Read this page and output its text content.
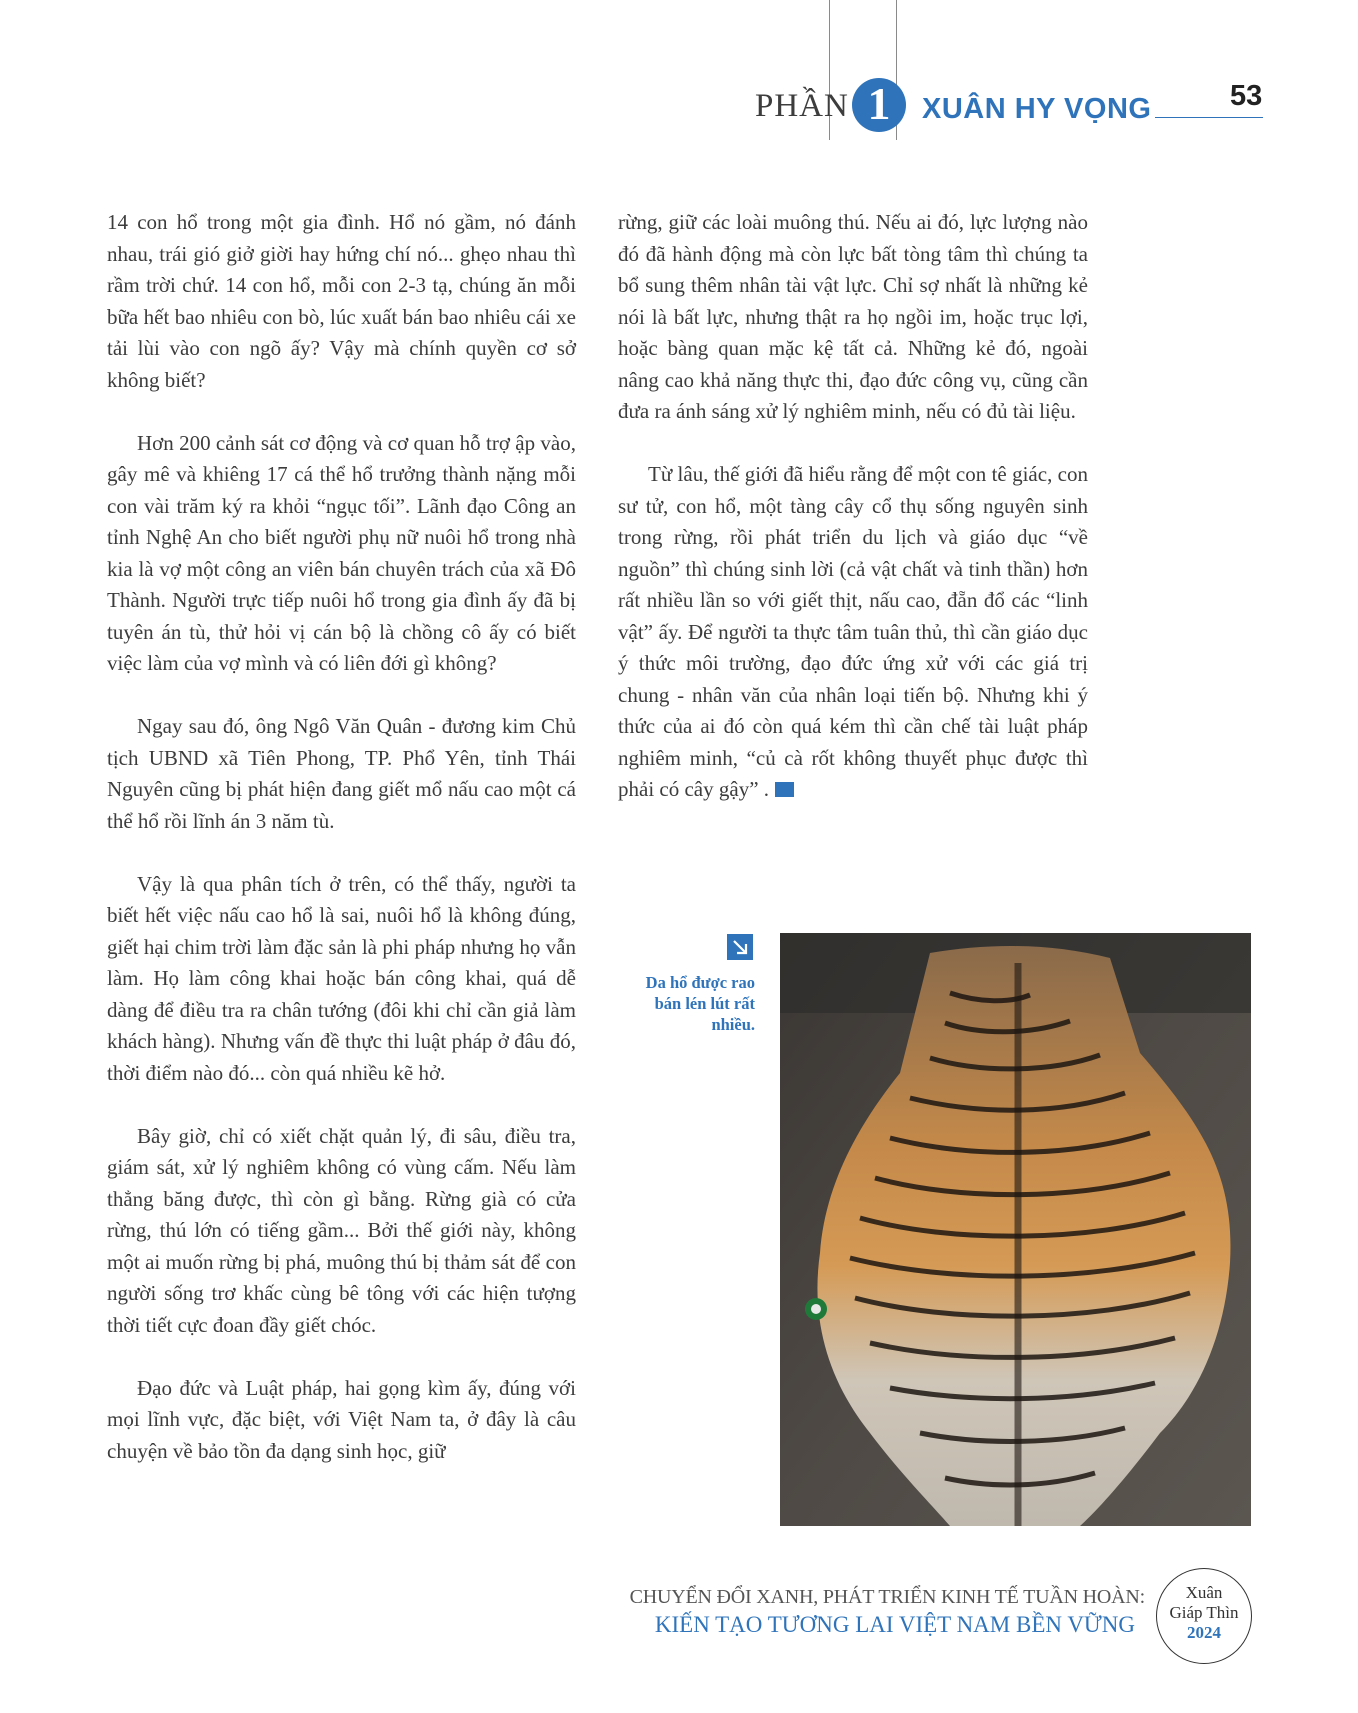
PHẦN 1	XUÂN HY VỌNG	53

14 con hổ trong một gia đình. Hổ nó gầm, nó đánh nhau, trái gió giở giời hay hứng chí nó... ghẹo nhau thì rầm trời chứ. 14 con hổ, mỗi con 2-3 tạ, chúng ăn mỗi bữa hết bao nhiêu con bò, lúc xuất bán bao nhiêu cái xe tải lùi vào con ngõ ấy? Vậy mà chính quyền cơ sở không biết?

Hơn 200 cảnh sát cơ động và cơ quan hỗ trợ ập vào, gây mê và khiêng 17 cá thể hổ trưởng thành nặng mỗi con vài trăm ký ra khỏi “ngục tối”. Lãnh đạo Công an tỉnh Nghệ An cho biết người phụ nữ nuôi hổ trong nhà kia là vợ một công an viên bán chuyên trách của xã Đô Thành. Người trực tiếp nuôi hổ trong gia đình ấy đã bị tuyên án tù, thử hỏi vị cán bộ là chồng cô ấy có biết việc làm của vợ mình và có liên đới gì không?

Ngay sau đó, ông Ngô Văn Quân - đương kim Chủ tịch UBND xã Tiên Phong, TP. Phổ Yên, tỉnh Thái Nguyên cũng bị phát hiện đang giết mổ nấu cao một cá thể hổ rồi lĩnh án 3 năm tù.

Vậy là qua phân tích ở trên, có thể thấy, người ta biết hết việc nấu cao hổ là sai, nuôi hổ là không đúng, giết hại chim trời làm đặc sản là phi pháp nhưng họ vẫn làm. Họ làm công khai hoặc bán công khai, quá dễ dàng để điều tra ra chân tướng (đôi khi chỉ cần giả làm khách hàng). Nhưng vấn đề thực thi luật pháp ở đâu đó, thời điểm nào đó... còn quá nhiều kẽ hở.

Bây giờ, chỉ có xiết chặt quản lý, đi sâu, điều tra, giám sát, xử lý nghiêm không có vùng cấm. Nếu làm thẳng băng được, thì còn gì bằng. Rừng già có cửa rừng, thú lớn có tiếng gầm... Bởi thế giới này, không một ai muốn rừng bị phá, muông thú bị thảm sát để con người sống trơ khấc cùng bê tông với các hiện tượng thời tiết cực đoan đầy giết chóc.

Đạo đức và Luật pháp, hai gọng kìm ấy, đúng với mọi lĩnh vực, đặc biệt, với Việt Nam ta, ở đây là câu chuyện về bảo tồn đa dạng sinh học, giữ

rừng, giữ các loài muông thú. Nếu ai đó, lực lượng nào đó đã hành động mà còn lực bất tòng tâm thì chúng ta bổ sung thêm nhân tài vật lực. Chỉ sợ nhất là những kẻ nói là bất lực, nhưng thật ra họ ngồi im, hoặc trục lợi, hoặc bàng quan mặc kệ tất cả. Những kẻ đó, ngoài nâng cao khả năng thực thi, đạo đức công vụ, cũng cần đưa ra ánh sáng xử lý nghiêm minh, nếu có đủ tài liệu.

Từ lâu, thế giới đã hiểu rằng để một con tê giác, con sư tử, con hổ, một tàng cây cổ thụ sống nguyên sinh trong rừng, rồi phát triển du lịch và giáo dục “về nguồn” thì chúng sinh lời (cả vật chất và tinh thần) hơn rất nhiều lần so với giết thịt, nấu cao, đẵn đổ các “linh vật” ấy. Để người ta thực tâm tuân thủ, thì cần giáo dục ý thức môi trường, đạo đức ứng xử với các giá trị chung - nhân văn của nhân loại tiến bộ. Nhưng khi ý thức của ai đó còn quá kém thì cần chế tài luật pháp nghiêm minh, “củ cà rốt không thuyết phục được thì phải có cây gậy” .

Da hổ được rao bán lén lút rất nhiều.
CHUYỂN ĐỔI XANH, PHÁT TRIỂN KINH TẾ TUẦN HOÀN:
KIẾN TẠO TƯƠNG LAI VIỆT NAM BỀN VỮNG
Xuân
Giáp Thìn
2024
